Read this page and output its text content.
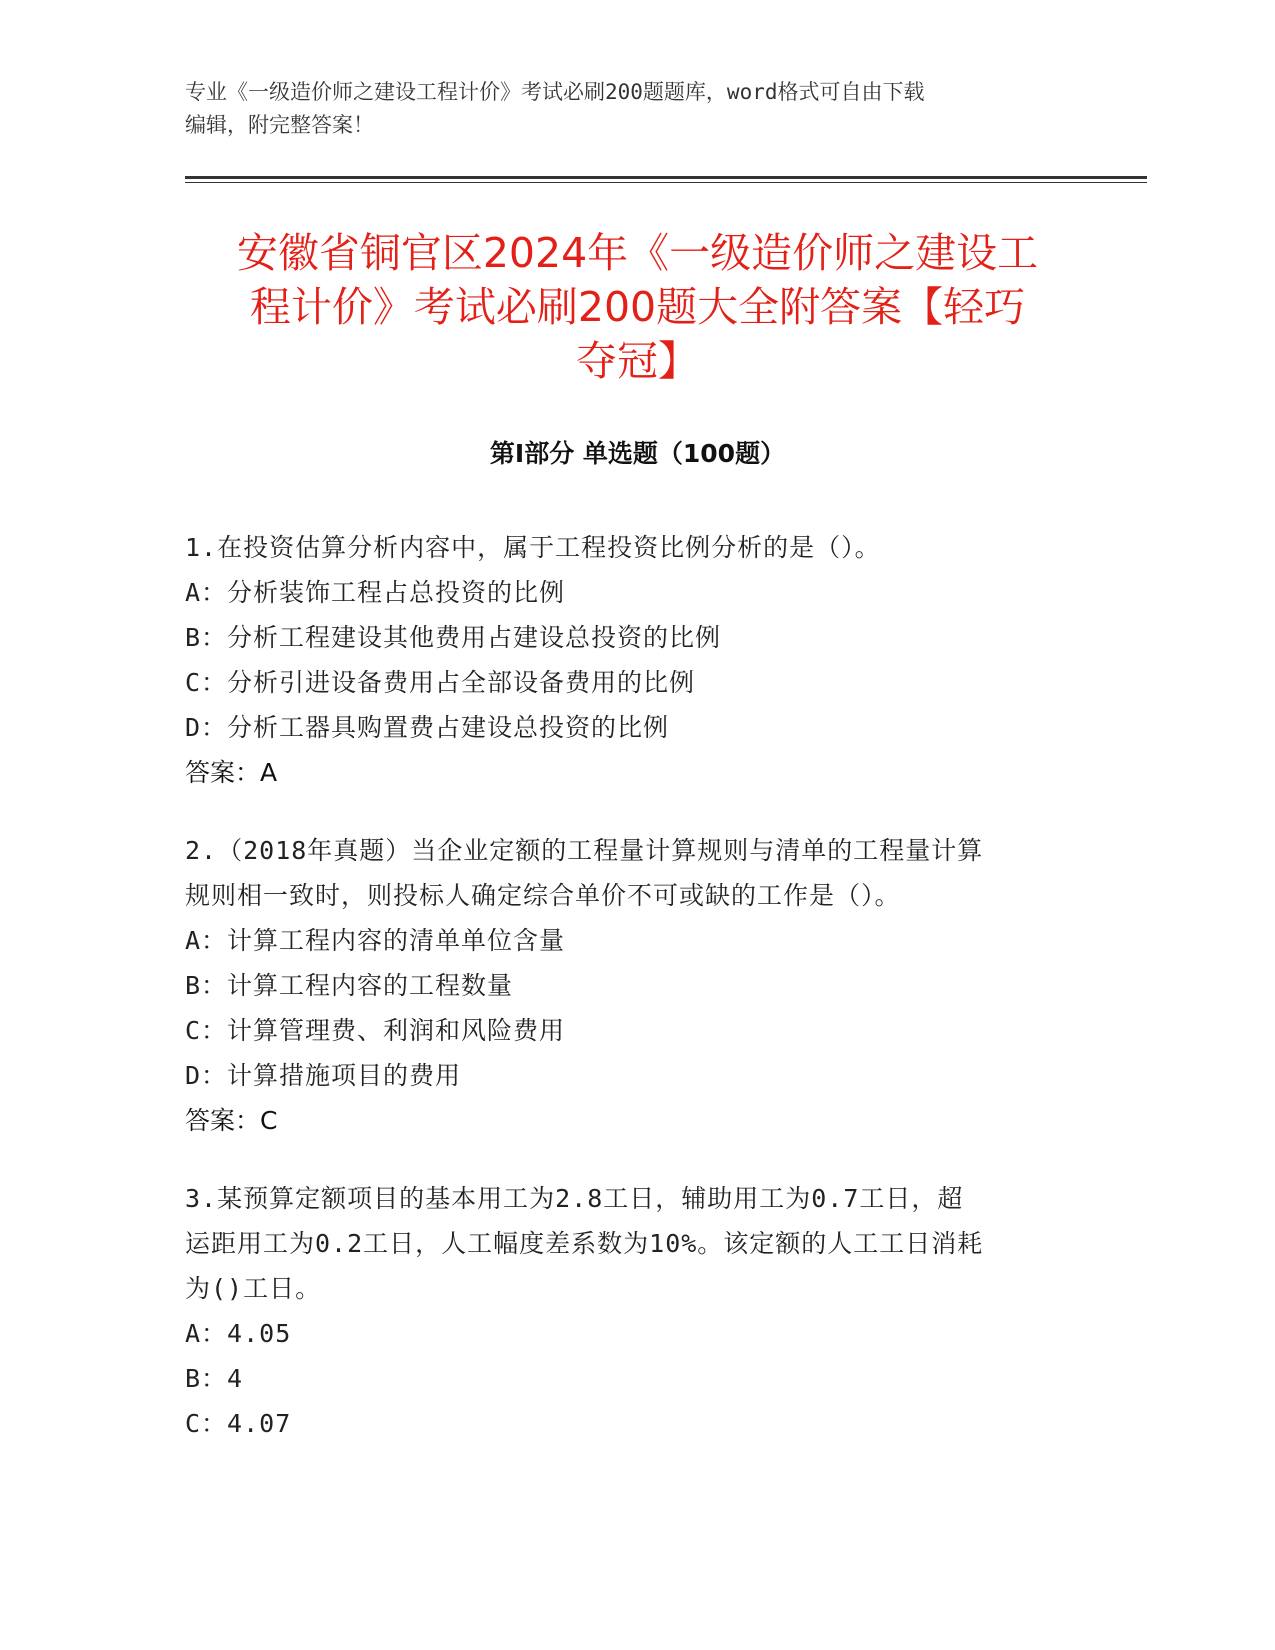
专业《一级造价师之建设工程计价》考试必刷200题题库，word格式可自由下载
编辑，附完整答案！
安徽省铜官区2024年《一级造价师之建设工
程计价》考试必刷200题大全附答案【轻巧
夺冠】
第Ⅰ部分 单选题（100题）
1.在投资估算分析内容中，属于工程投资比例分析的是（）。
A：分析装饰工程占总投资的比例
B：分析工程建设其他费用占建设总投资的比例
C：分析引进设备费用占全部设备费用的比例
D：分析工器具购置费占建设总投资的比例
答案：A
2.（2018年真题）当企业定额的工程量计算规则与清单的工程量计算
规则相一致时，则投标人确定综合单价不可或缺的工作是（）。
A：计算工程内容的清单单位含量
B：计算工程内容的工程数量
C：计算管理费、利润和风险费用
D：计算措施项目的费用
答案：C
3.某预算定额项目的基本用工为2.8工日，辅助用工为0.7工日，超
运距用工为0.2工日，人工幅度差系数为10%。该定额的人工工日消耗
为()工日。
A：4.05
B：4
C：4.07
